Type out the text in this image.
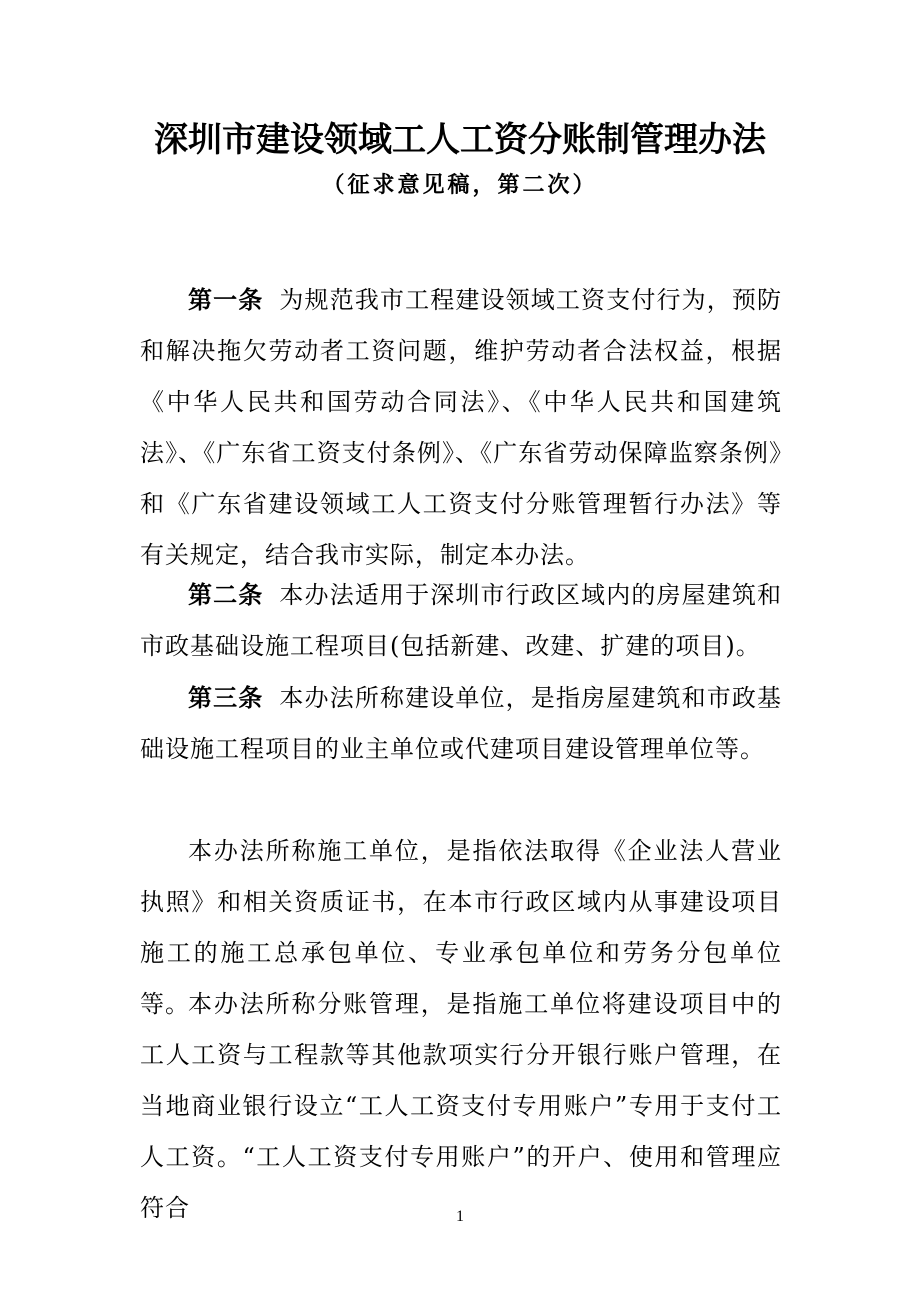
深圳市建设领域工人工资分账制管理办法
（征求意见稿，第二次）

第一条 为规范我市工程建设领域工资支付行为，预防和解决拖欠劳动者工资问题，维护劳动者合法权益，根据《中华人民共和国劳动合同法》、《中华人民共和国建筑法》、《广东省工资支付条例》、《广东省劳动保障监察条例》和《广东省建设领域工人工资支付分账管理暂行办法》等有关规定，结合我市实际，制定本办法。

第二条 本办法适用于深圳市行政区域内的房屋建筑和市政基础设施工程项目(包括新建、改建、扩建的项目)。

第三条 本办法所称建设单位，是指房屋建筑和市政基础设施工程项目的业主单位或代建项目建设管理单位等。

本办法所称施工单位，是指依法取得《企业法人营业执照》和相关资质证书，在本市行政区域内从事建设项目施工的施工总承包单位、专业承包单位和劳务分包单位等。

本办法所称分账管理，是指施工单位将建设项目中的工人工资与工程款等其他款项实行分开银行账户管理，在当地商业银行设立“工人工资支付专用账户”专用于支付工人工资。“工人工资支付专用账户”的开户、使用和管理应符合	1
